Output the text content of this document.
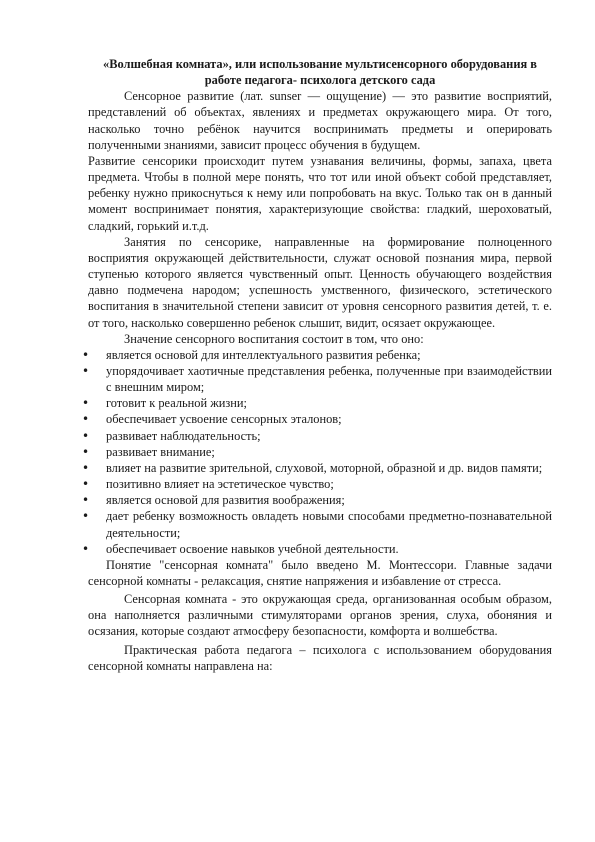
«Волшебная комната», или использование мультисенсорного оборудования в работе педагога- психолога детского сада

Сенсорное развитие (лат. sunser — ощущение) — это развитие восприятий, представлений об объектах, явлениях и предметах окружающего мира. От того, насколько точно ребёнок научится воспринимать предметы и оперировать полученными знаниями, зависит процесс обучения в будущем.

Развитие сенсорики происходит путем узнавания величины, формы, запаха, цвета предмета. Чтобы в полной мере понять, что тот или иной объект собой представляет, ребенку нужно прикоснуться к нему или попробовать на вкус. Только так он в данный момент воспринимает понятия, характеризующие свойства: гладкий, шероховатый, сладкий, горький и.т.д.

Занятия по сенсорике, направленные на формирование полноценного восприятия окружающей действительности, служат основой познания мира, первой ступенью которого является чувственный опыт. Ценность обучающего воздействия давно подмечена народом; успешность умственного, физического, эстетического воспитания в значительной степени зависит от уровня сенсорного развития детей, т. е. от того, насколько совершенно ребенок слышит, видит, осязает окружающее.

Значение сенсорного воспитания состоит в том, что оно:

• является основой для интеллектуального развития ребенка;
• упорядочивает хаотичные представления ребенка, полученные при взаимодействии с внешним миром;
• готовит к реальной жизни;
• обеспечивает усвоение сенсорных эталонов;
• развивает наблюдательность;
• развивает внимание;
• влияет на развитие зрительной, слуховой, моторной, образной и др. видов памяти;
• позитивно влияет на эстетическое чувство;
• является основой для развития воображения;
• дает ребенку возможность овладеть новыми способами предметно-познавательной деятельности;
• обеспечивает освоение навыков учебной деятельности.

Понятие "сенсорная комната" было введено М. Монтессори. Главные задачи сенсорной комнаты - релаксация, снятие напряжения и избавление от стресса.

Сенсорная комната - это окружающая среда, организованная особым образом, она наполняется различными стимуляторами органов зрения, слуха, обоняния и осязания, которые создают атмосферу безопасности, комфорта и волшебства.

Практическая работа педагога – психолога с использованием оборудования сенсорной комнаты направлена на:
